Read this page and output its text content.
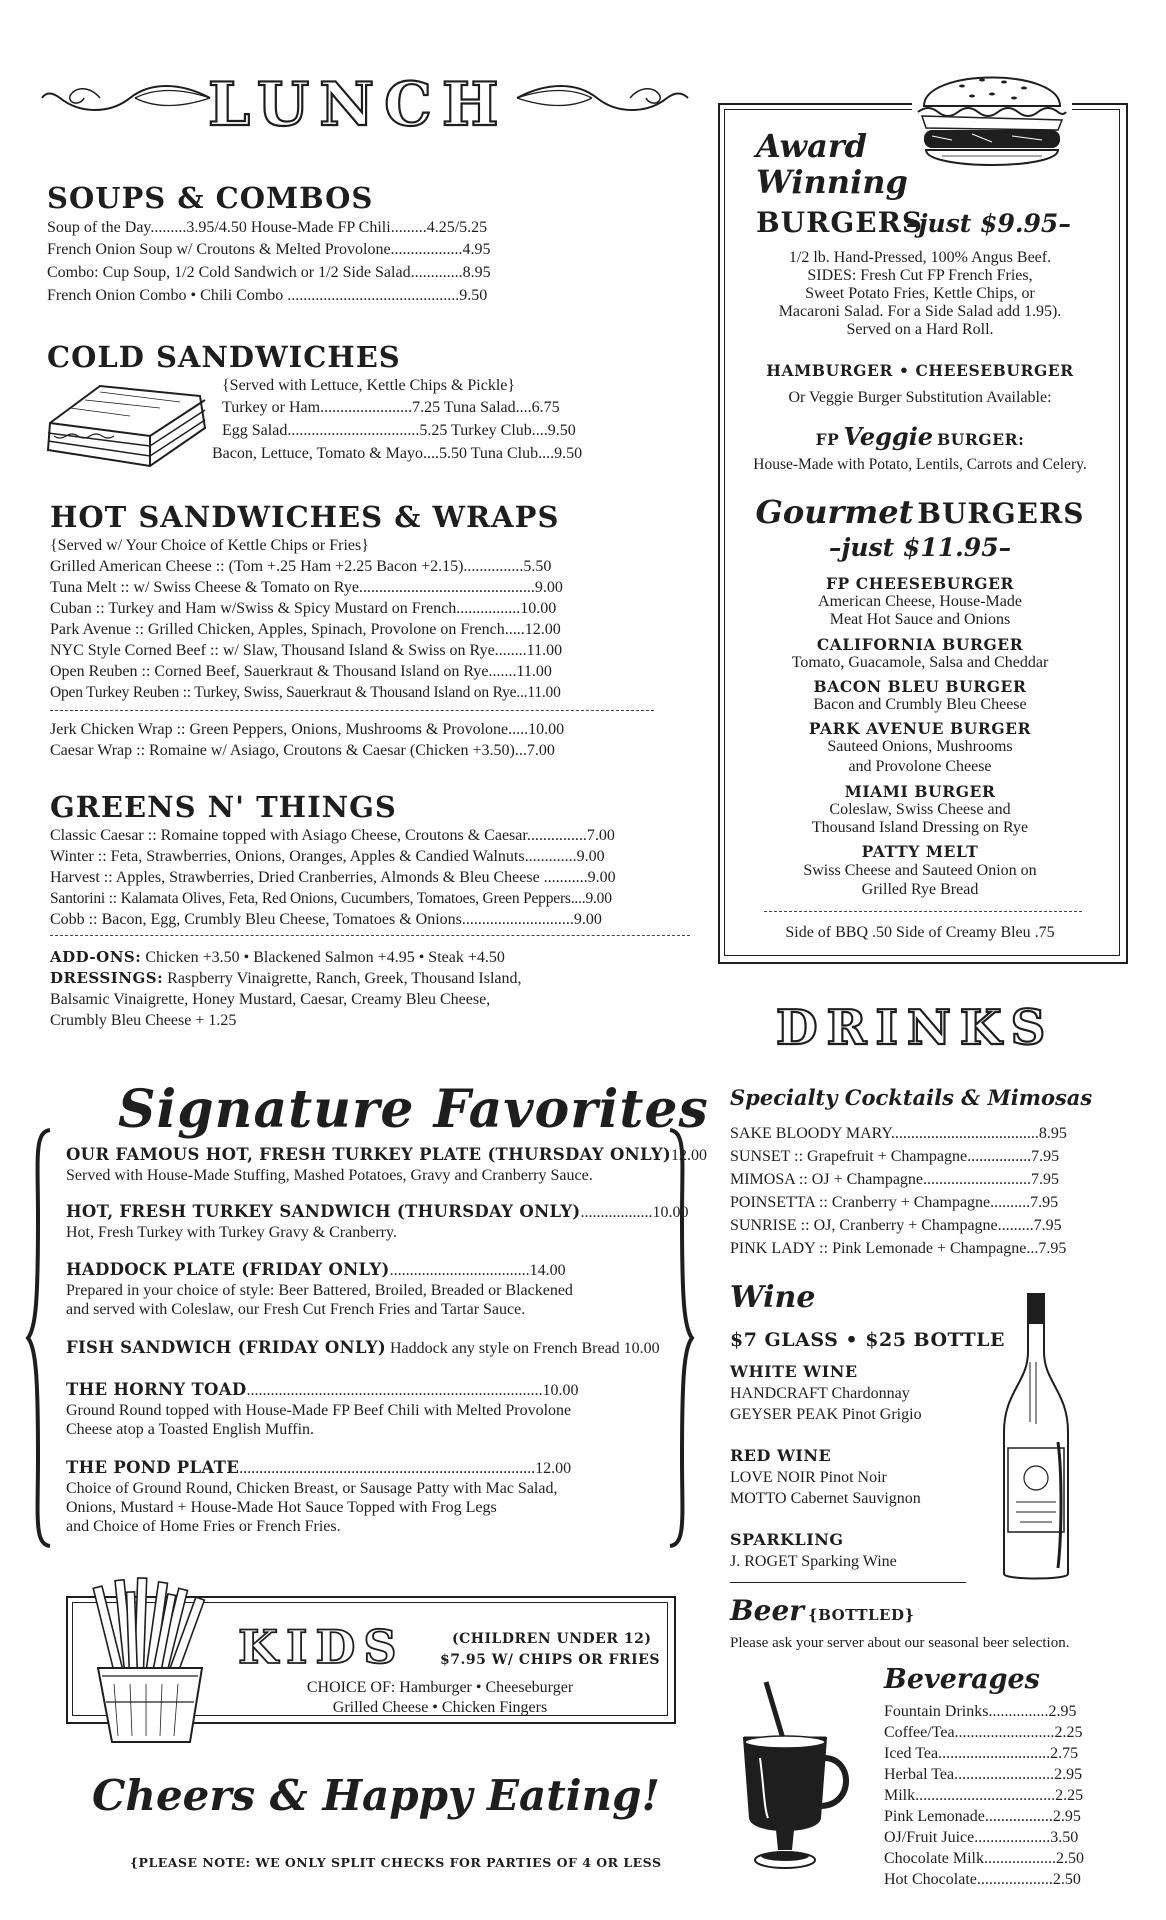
LUNCH
SOUPS & COMBOS
Soup of the Day.........3.95/4.50 House-Made FP Chili.........4.25/5.25
French Onion Soup w/ Croutons & Melted Provolone..................4.95
Combo: Cup Soup, 1/2 Cold Sandwich or 1/2 Side Salad.............8.95
French Onion Combo • Chili Combo ...........................................9.50
COLD SANDWICHES
{Served with Lettuce, Kettle Chips & Pickle}
Turkey or Ham.......................7.25 Tuna Salad....6.75
Egg Salad.................................5.25 Turkey Club....9.50
Bacon, Lettuce, Tomato & Mayo....5.50 Tuna Club....9.50
HOT SANDWICHES & WRAPS
{Served w/ Your Choice of Kettle Chips or Fries}
Grilled American Cheese :: (Tom +.25 Ham +2.25 Bacon +2.15)...............5.50
Tuna Melt :: w/ Swiss Cheese & Tomato on Rye............................................9.00
Cuban :: Turkey and Ham w/Swiss & Spicy Mustard on French................10.00
Park Avenue :: Grilled Chicken, Apples, Spinach, Provolone on French.....12.00
NYC Style Corned Beef :: w/ Slaw, Thousand Island & Swiss on Rye........11.00
Open Reuben :: Corned Beef, Sauerkraut & Thousand Island on Rye.......11.00
Open Turkey Reuben :: Turkey, Swiss, Sauerkraut & Thousand Island on Rye...11.00
Jerk Chicken Wrap :: Green Peppers, Onions, Mushrooms & Provolone.....10.00
Caesar Wrap :: Romaine w/ Asiago, Croutons & Caesar (Chicken +3.50)...7.00
GREENS N' THINGS
Classic Caesar :: Romaine topped with Asiago Cheese, Croutons & Caesar...............7.00
Winter :: Feta, Strawberries, Onions, Oranges, Apples & Candied Walnuts.............9.00
Harvest :: Apples, Strawberries, Dried Cranberries, Almonds & Bleu Cheese ...........9.00
Santorini :: Kalamata Olives, Feta, Red Onions, Cucumbers, Tomatoes, Green Peppers....9.00
Cobb :: Bacon, Egg, Crumbly Bleu Cheese, Tomatoes & Onions............................9.00
ADD-ONS: Chicken +3.50 • Blackened Salmon +4.95 • Steak +4.50
DRESSINGS: Raspberry Vinaigrette, Ranch, Greek, Thousand Island,
Balsamic Vinaigrette, Honey Mustard, Caesar, Creamy Bleu Cheese,
Crumbly Bleu Cheese + 1.25
Signature Favorites
OUR FAMOUS HOT, FRESH TURKEY PLATE (THURSDAY ONLY)12.00
Served with House-Made Stuffing, Mashed Potatoes, Gravy and Cranberry Sauce.
HOT, FRESH TURKEY SANDWICH (THURSDAY ONLY)..................10.00
Hot, Fresh Turkey with Turkey Gravy & Cranberry.
HADDOCK PLATE (FRIDAY ONLY)...................................14.00
Prepared in your choice of style: Beer Battered, Broiled, Breaded or Blackened
and served with Coleslaw, our Fresh Cut French Fries and Tartar Sauce.
FISH SANDWICH (FRIDAY ONLY) Haddock any style on French Bread 10.00
THE HORNY TOAD..........................................................................10.00
Ground Round topped with House-Made FP Beef Chili with Melted Provolone
Cheese atop a Toasted English Muffin.
THE POND PLATE..........................................................................12.00
Choice of Ground Round, Chicken Breast, or Sausage Patty with Mac Salad,
Onions, Mustard + House-Made Hot Sauce Topped with Frog Legs
and Choice of Home Fries or French Fries.
KIDS	(CHILDREN UNDER 12)
$7.95 W/ CHIPS OR FRIES
CHOICE OF: Hamburger • Cheeseburger
Grilled Cheese • Chicken Fingers
Cheers & Happy Eating!
{PLEASE NOTE: WE ONLY SPLIT CHECKS FOR PARTIES OF 4 OR LESS
Award
Winning
BURGERS
–just $9.95–
1/2 lb. Hand-Pressed, 100% Angus Beef.
SIDES: Fresh Cut FP French Fries,
Sweet Potato Fries, Kettle Chips, or
Macaroni Salad. For a Side Salad add 1.95).
Served on a Hard Roll.
HAMBURGER • CHEESEBURGER
Or Veggie Burger Substitution Available:
FP Veggie BURGER:
House-Made with Potato, Lentils, Carrots and Celery.
Gourmet BURGERS
–just $11.95–
FP CHEESEBURGER
American Cheese, House-Made
Meat Hot Sauce and Onions
CALIFORNIA BURGER
Tomato, Guacamole, Salsa and Cheddar
BACON BLEU BURGER
Bacon and Crumbly Bleu Cheese
PARK AVENUE BURGER
Sauteed Onions, Mushrooms
and Provolone Cheese
MIAMI BURGER
Coleslaw, Swiss Cheese and
Thousand Island Dressing on Rye
PATTY MELT
Swiss Cheese and Sauteed Onion on
Grilled Rye Bread
Side of BBQ .50 Side of Creamy Bleu .75
DRINKS
Specialty Cocktails & Mimosas
SAKE BLOODY MARY.....................................8.95
SUNSET :: Grapefruit + Champagne................7.95
MIMOSA :: OJ + Champagne...........................7.95
POINSETTA :: Cranberry + Champagne..........7.95
SUNRISE :: OJ, Cranberry + Champagne.........7.95
PINK LADY :: Pink Lemonade + Champagne...7.95
Wine
$7 GLASS • $25 BOTTLE
WHITE WINE
HANDCRAFT Chardonnay
GEYSER PEAK Pinot Grigio
RED WINE
LOVE NOIR Pinot Noir
MOTTO Cabernet Sauvignon
SPARKLING
J. ROGET Sparking Wine
Beer {BOTTLED}
Please ask your server about our seasonal beer selection.
Beverages
Fountain Drinks...............2.95
Coffee/Tea.........................2.25
Iced Tea............................2.75
Herbal Tea.........................2.95
Milk...................................2.25
Pink Lemonade.................2.95
OJ/Fruit Juice...................3.50
Chocolate Milk..................2.50
Hot Chocolate...................2.50
